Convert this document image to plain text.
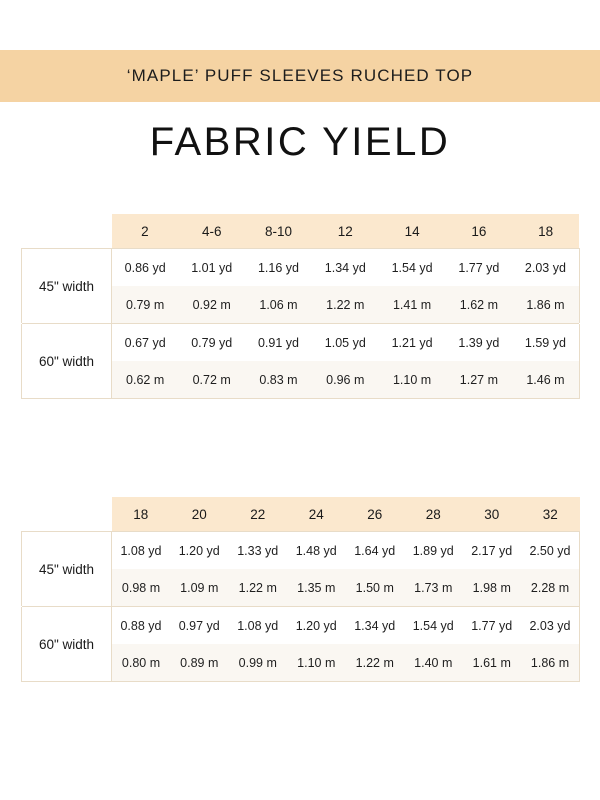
‘MAPLE’ PUFF SLEEVES RUCHED TOP
FABRIC YIELD
	2	4-6	8-10	12	14	16	18
45" width	0.86 yd	1.01 yd	1.16 yd	1.34 yd	1.54 yd	1.77 yd	2.03 yd
	0.79 m	0.92 m	1.06 m	1.22 m	1.41 m	1.62 m	1.86 m

60" width	0.67 yd	0.79 yd	0.91 yd	1.05 yd	1.21 yd	1.39 yd	1.59 yd
	0.62 m	0.72 m	0.83 m	0.96 m	1.10 m	1.27 m	1.46 m
	18	20	22	24	26	28	30	32
45" width	1.08 yd	1.20 yd	1.33 yd	1.48 yd	1.64 yd	1.89 yd	2.17 yd	2.50 yd
	0.98 m	1.09 m	1.22 m	1.35 m	1.50 m	1.73 m	1.98 m	2.28 m

60" width	0.88 yd	0.97 yd	1.08 yd	1.20 yd	1.34 yd	1.54 yd	1.77 yd	2.03 yd
	0.80 m	0.89 m	0.99 m	1.10 m	1.22 m	1.40 m	1.61 m	1.86 m
